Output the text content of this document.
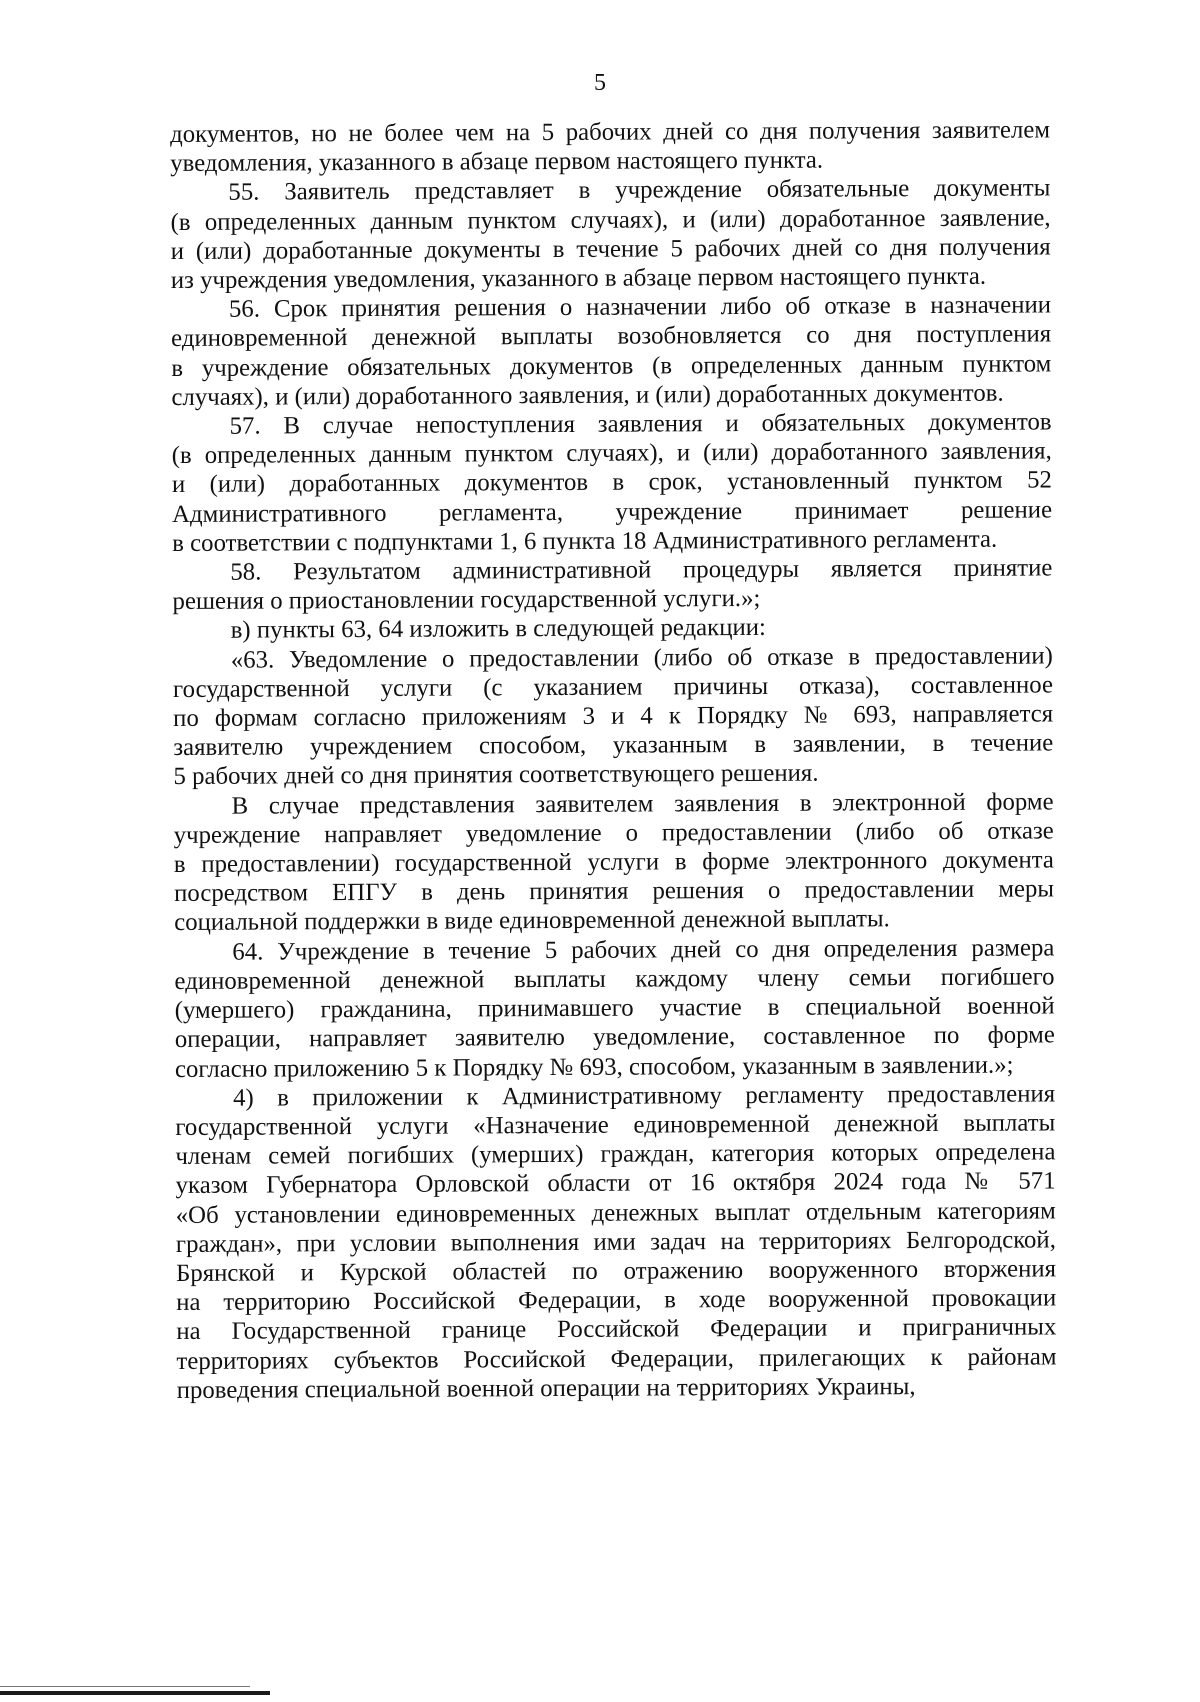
5
документов, но не более чем на 5 рабочих дней со дня получения заявителем
уведомления, указанного в абзаце первом настоящего пункта.
55. Заявитель представляет в учреждение обязательные документы
(в определенных данным пунктом случаях), и (или) доработанное заявление,
и (или) доработанные документы в течение 5 рабочих дней со дня получения
из учреждения уведомления, указанного в абзаце первом настоящего пункта.
56. Срок принятия решения о назначении либо об отказе в назначении
единовременной денежной выплаты возобновляется со дня поступления
в учреждение обязательных документов (в определенных данным пунктом
случаях), и (или) доработанного заявления, и (или) доработанных документов.
57. В случае непоступления заявления и обязательных документов
(в определенных данным пунктом случаях), и (или) доработанного заявления,
и (или) доработанных документов в срок, установленный пунктом 52
Административного регламента, учреждение принимает решение
в соответствии с подпунктами 1, 6 пункта 18 Административного регламента.
58. Результатом административной процедуры является принятие
решения о приостановлении государственной услуги.»;
в) пункты 63, 64 изложить в следующей редакции:
«63. Уведомление о предоставлении (либо об отказе в предоставлении)
государственной услуги (с указанием причины отказа), составленное
по формам согласно приложениям 3 и 4 к Порядку № 693, направляется
заявителю учреждением способом, указанным в заявлении, в течение
5 рабочих дней со дня принятия соответствующего решения.
В случае представления заявителем заявления в электронной форме
учреждение направляет уведомление о предоставлении (либо об отказе
в предоставлении) государственной услуги в форме электронного документа
посредством ЕПГУ в день принятия решения о предоставлении меры
социальной поддержки в виде единовременной денежной выплаты.
64. Учреждение в течение 5 рабочих дней со дня определения размера
единовременной денежной выплаты каждому члену семьи погибшего
(умершего) гражданина, принимавшего участие в специальной военной
операции, направляет заявителю уведомление, составленное по форме
согласно приложению 5 к Порядку № 693, способом, указанным в заявлении.»;
4) в приложении к Административному регламенту предоставления
государственной услуги «Назначение единовременной денежной выплаты
членам семей погибших (умерших) граждан, категория которых определена
указом Губернатора Орловской области от 16 октября 2024 года № 571
«Об установлении единовременных денежных выплат отдельным категориям
граждан», при условии выполнения ими задач на территориях Белгородской,
Брянской и Курской областей по отражению вооруженного вторжения
на территорию Российской Федерации, в ходе вооруженной провокации
на Государственной границе Российской Федерации и приграничных
территориях субъектов Российской Федерации, прилегающих к районам
проведения специальной военной операции на территориях Украины,
